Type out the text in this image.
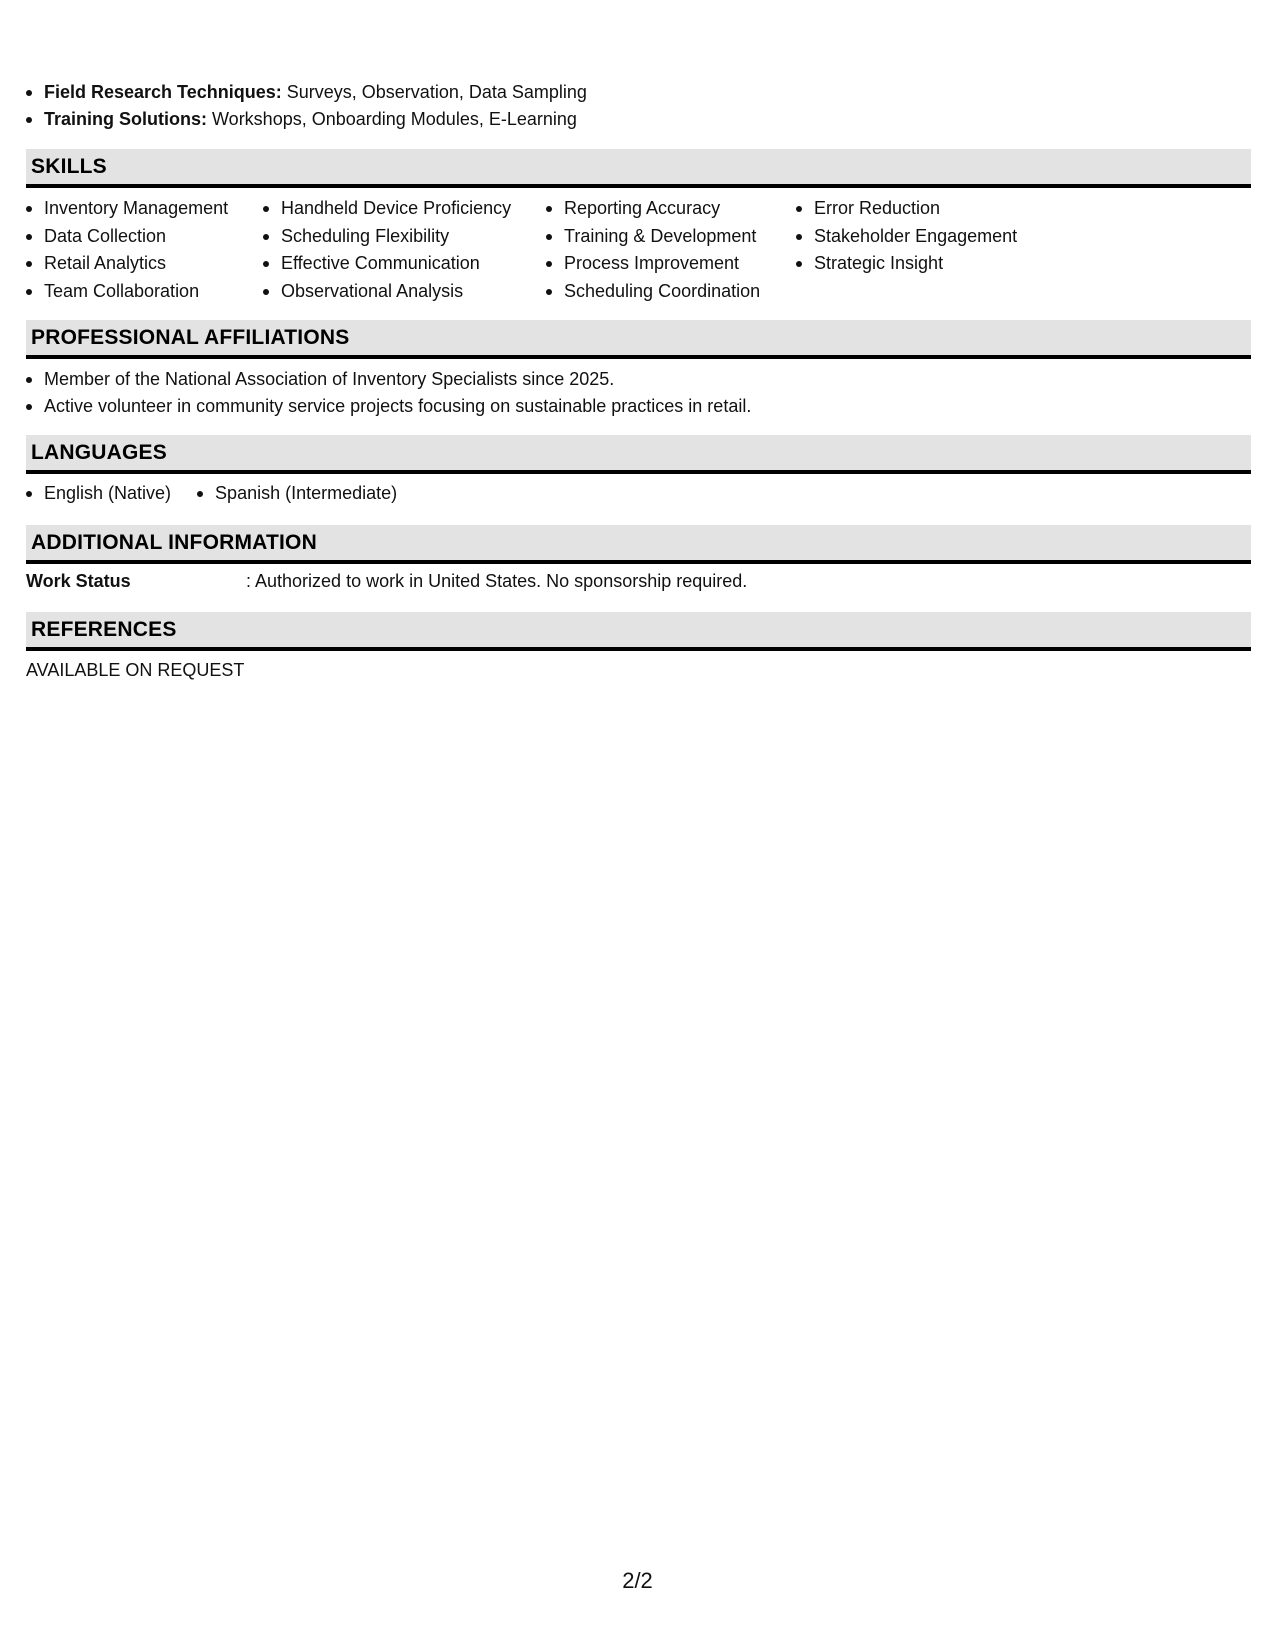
Field Research Techniques: Surveys, Observation, Data Sampling
Training Solutions: Workshops, Onboarding Modules, E-Learning
SKILLS
Inventory Management
Data Collection
Retail Analytics
Team Collaboration
Handheld Device Proficiency
Scheduling Flexibility
Effective Communication
Observational Analysis
Reporting Accuracy
Training & Development
Process Improvement
Scheduling Coordination
Error Reduction
Stakeholder Engagement
Strategic Insight
PROFESSIONAL AFFILIATIONS
Member of the National Association of Inventory Specialists since 2025.
Active volunteer in community service projects focusing on sustainable practices in retail.
LANGUAGES
English (Native)	Spanish (Intermediate)
ADDITIONAL INFORMATION
Work Status	: Authorized to work in United States. No sponsorship required.
REFERENCES
AVAILABLE ON REQUEST
2/2
